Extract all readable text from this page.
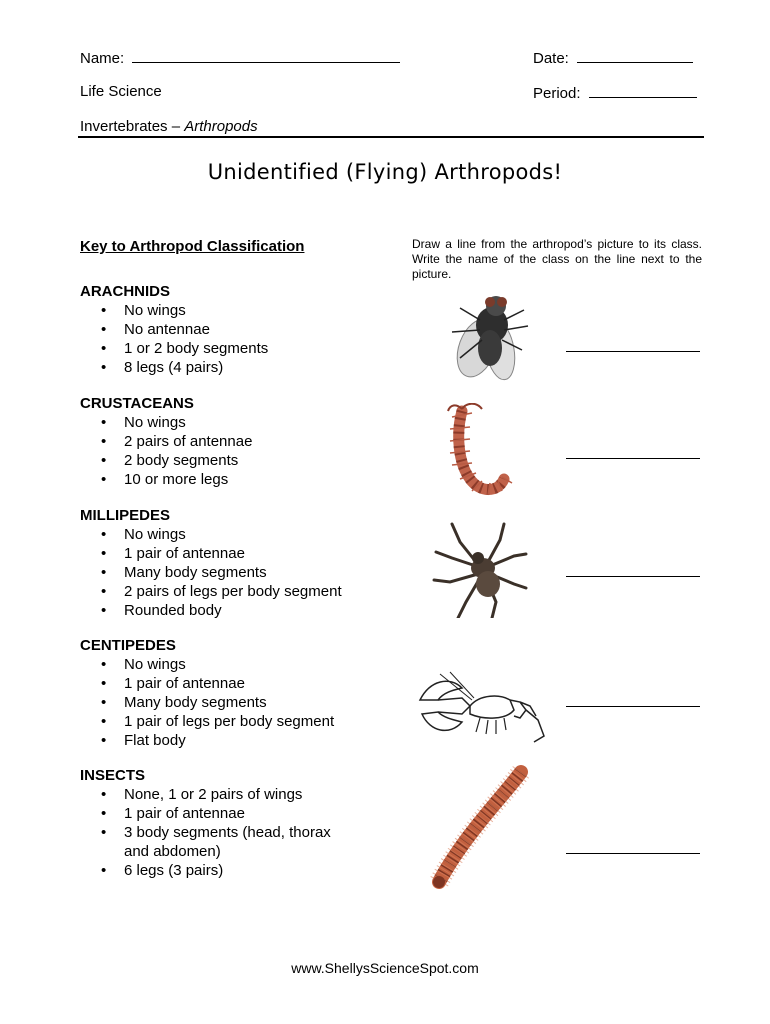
Name:	Date:
Life Science	Period:
Invertebrates – Arthropods
Unidentified (Flying) Arthropods!
Key to Arthropod Classification
ARACHNIDS
• No wings
• No antennae
• 1 or 2 body segments
• 8 legs (4 pairs)
CRUSTACEANS
• No wings
• 2 pairs of antennae
• 2 body segments
• 10 or more legs
MILLIPEDES
• No wings
• 1 pair of antennae
• Many body segments
• 2 pairs of legs per body segment
• Rounded body
CENTIPEDES
• No wings
• 1 pair of antennae
• Many body segments
• 1 pair of legs per body segment
• Flat body
INSECTS
• None, 1 or 2 pairs of wings
• 1 pair of antennae
• 3 body segments (head, thorax
and abdomen)
• 6 legs (3 pairs)
Draw a line from the arthropod’s picture to its class. Write the name of the class on the line next to the picture.
www.ShellysScienceSpot.com
